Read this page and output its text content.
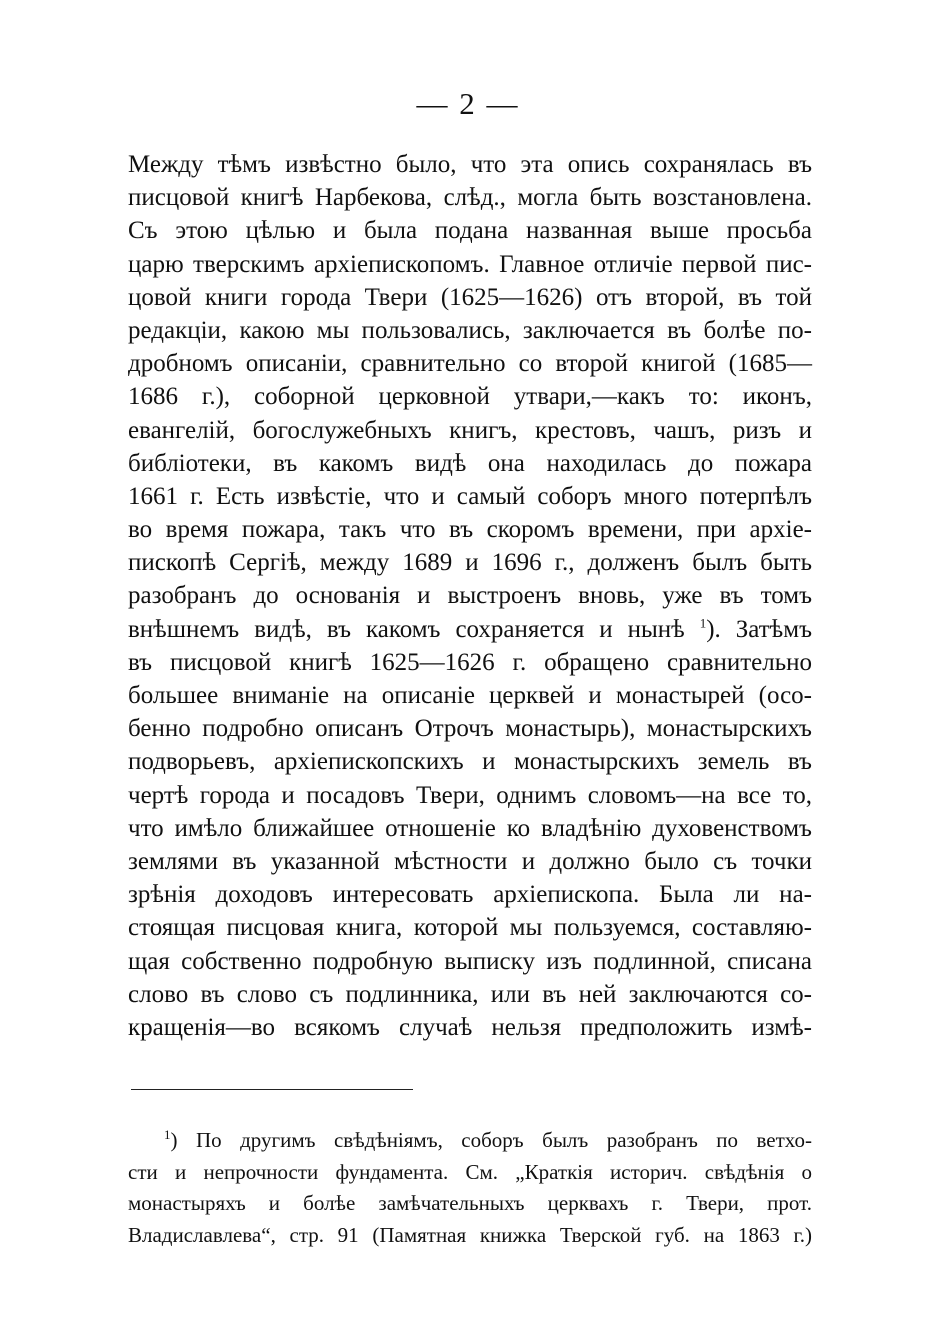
— 2 —
Между тѣмъ извѣстно было, что эта опись сохранялась въ
писцовой книгѣ Нарбекова, слѣд., могла быть возстановлена.
Съ этою цѣлью и была подана названная выше просьба
царю тверскимъ архіепископомъ. Главное отличіе первой пис-
цовой книги города Твери (1625—1626) отъ второй, въ той
редакціи, какою мы пользовались, заключается въ болѣе по-
дробномъ описаніи, сравнительно со второй книгой (1685—
1686 г.), соборной церковной утвари,—какъ то: иконъ,
евангелій, богослужебныхъ книгъ, крестовъ, чашъ, ризъ и
библіотеки, въ какомъ видѣ она находилась до пожара
1661 г. Есть извѣстіе, что и самый соборъ много потерпѣлъ
во время пожара, такъ что въ скоромъ времени, при архіе-
пископѣ Сергіѣ, между 1689 и 1696 г., долженъ былъ быть
разобранъ до основанія и выстроенъ вновь, уже въ томъ
внѣшнемъ видѣ, въ какомъ сохраняется и нынѣ $^1$). Затѣмъ
въ писцовой книгѣ 1625—1626 г. обращено сравнительно
большее вниманіе на описаніе церквей и монастырей (осо-
бенно подробно описанъ Отрочъ монастырь), монастырскихъ
подворьевъ, архіепископскихъ и монастырскихъ земель въ
чертѣ города и посадовъ Твери, однимъ словомъ—на все то,
что имѣло ближайшее отношеніе ко владѣнію духовенствомъ
землями въ указанной мѣстности и должно было съ точки
зрѣнія доходовъ интересовать архіепископа. Была ли на-
стоящая писцовая книга, которой мы пользуемся, составляю-
щая собственно подробную выписку изъ подлинной, списана
слово въ слово съ подлинника, или въ ней заключаются со-
кращенія—во всякомъ случаѣ нельзя предположить измѣ-
$^1$) По другимъ свѣдѣніямъ, соборъ былъ разобранъ по ветхо-
сти и непрочности фундамента. См. „Краткія историч. свѣдѣнія о
монастыряхъ и болѣе замѣчательныхъ церквахъ г. Твери, прот.
Владиславлева“, стр. 91 (Памятная книжка Тверской губ. на 1863 г.)
